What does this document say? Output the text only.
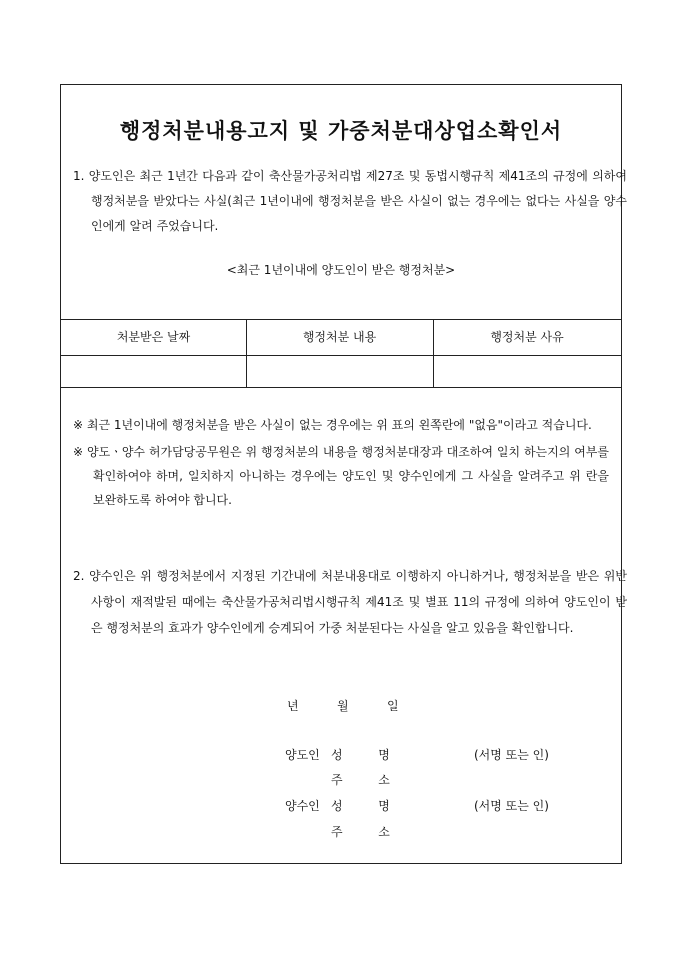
행정처분내용고지 및 가중처분대상업소확인서
1. 양도인은 최근 1년간 다음과 같이 축산물가공처리법 제27조 및 동법시행규칙 제41조의 규정에 의하여 행정처분을 받았다는 사실(최근 1년이내에 행정처분을 받은 사실이 없는 경우에는 없다는 사실을 양수인에게 알려 주었습니다.
<최근 1년이내에 양도인이 받은 행정처분>
처분받은 날짜	행정처분 내용	행정처분 사유
※ 최근 1년이내에 행정처분을 받은 사실이 없는 경우에는 위 표의 왼쪽란에 "없음"이라고 적습니다.
※ 양도ㆍ양수 허가담당공무원은 위 행정처분의 내용을 행정처분대장과 대조하여 일치 하는지의 여부를 확인하여야 하며, 일치하지 아니하는 경우에는 양도인 및 양수인에게 그 사실을 알려주고 위 란을 보완하도록 하여야 합니다.
2. 양수인은 위 행정처분에서 지정된 기간내에 처분내용대로 이행하지 아니하거나, 행정처분을 받은 위반사항이 재적발된 때에는 축산물가공처리법시행규칙 제41조 및 별표 11의 규정에 의하여 양도인이 받은 행정처분의 효과가 양수인에게 승계되어 가중 처분된다는 사실을 알고 있음을 확인합니다.
년	월	일
양도인 성  명	(서명 또는 인)
주  소
양수인 성  명	(서명 또는 인)
주  소
